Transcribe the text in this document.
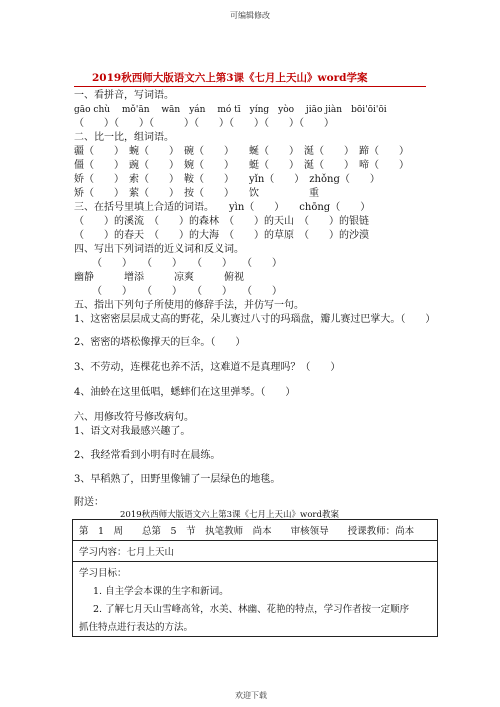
可编辑修改
2019秋西师大版语文六上第3课《七月上天山》word学案
一、看拼音，写词语。
gāo chù　 mǒ'ān　 wān　yán　 mó tī　yíng　yòo　 jiāo jiàn　bōi'ōi'ōi
（　　）（　　）（　　　）（　　）（　　）（　　）（　　）
二、比一比，组词语。
疆（　　）　蜿（　　）　碗（　　）　　蜒（　　）　涎（　　）　蹄（　　）
僵（　　）　豌（　　）　婉（　　）　　蜓（　　）　涎（　　）　啼（　　）
娇（　　）　索（　　）　鞍（　　）　　yǐn（　　）　zhǒng（　　）
矫（　　）　萦（　　）　按（　　）　　饮　　　　　重
三、在括号里填上合适的词语。　　yìn（　　）　　chōng（　　）
（　　）的溪流　（　　）的森林　（　　）的天山　（　　）的银链
（　　）的春天　（　　）的大海　（　　）的草原　（　　）的沙漠
四、写出下列词语的近义词和反义词。
（　　）　　（　　）　　（　　）　　（　　）
幽静　　　增添　　　凉爽　　　俯视
（　　）　　（　　）　　（　　）　　（　　）
五、指出下列句子所使用的修辞手法，并仿写一句。
1、这密密层层成丈高的野花，朵儿赛过八寸的玛瑙盘，瓣儿赛过巴掌大。（　　）
2、密密的塔松像撑天的巨伞。（　　）
3、不劳动，连棵花也养不活，这难道不是真理吗？（　　）
4、油蛉在这里低唱，蟋蟀们在这里弹琴。（　　）
六、用修改符号修改病句。
1、语文对我最感兴趣了。
2、我经常看到小明有时在晨练。
3、早稻熟了，田野里像铺了一层绿色的地毯。
附送：
2019秋西师大版语文六上第3课《七月上天山》word教案
第　1　周　　总第　5　节　执笔教师　尚本　　审核领导　　授课教师：尚本
学习内容：七月上天山

学习目标：
1. 自主学会本课的生字和新词。
2. 了解七月天山雪峰高耸，水美、林幽、花艳的特点，学习作者按一定顺序
抓住特点进行表达的方法。
欢迎下载
